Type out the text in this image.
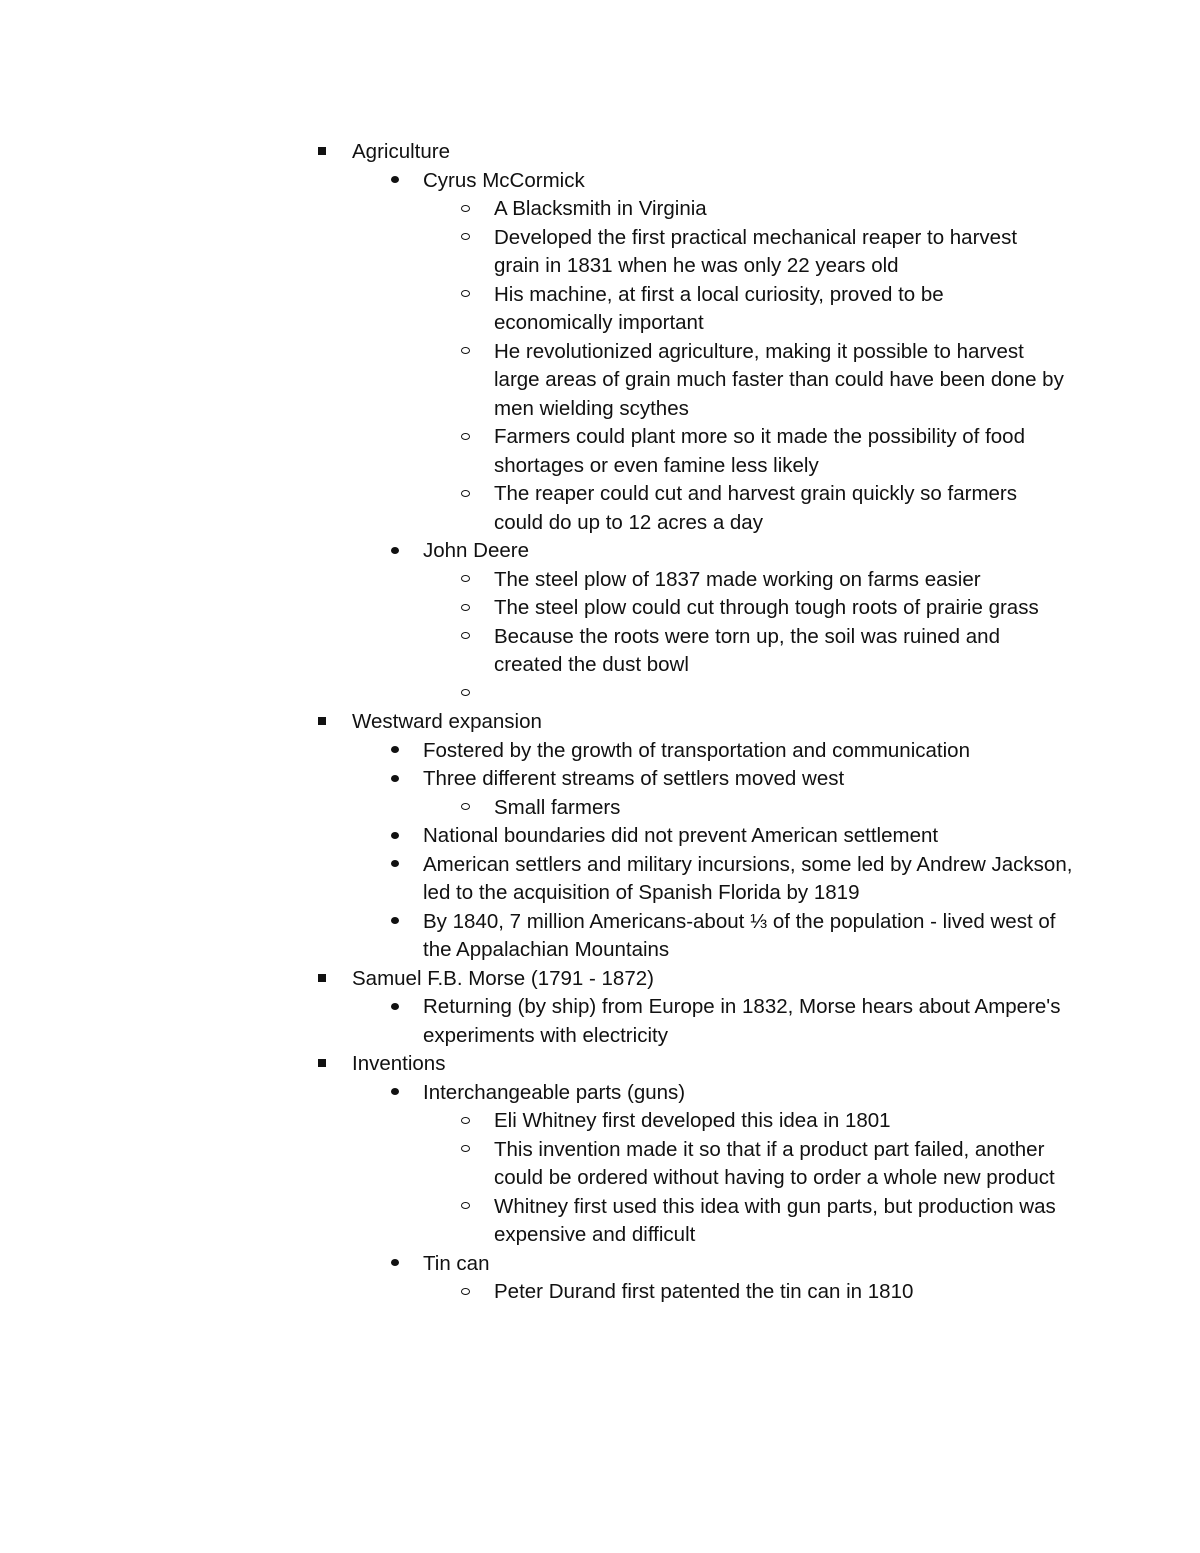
Agriculture
Cyrus McCormick
A Blacksmith in Virginia
Developed the first practical mechanical reaper to harvest grain in 1831 when he was only 22 years old
His machine, at first a local curiosity, proved to be economically important
He revolutionized agriculture, making it possible to harvest large areas of grain much faster than could have been done by men wielding scythes
Farmers could plant more so it made the possibility of food shortages or even famine less likely
The reaper could cut and harvest grain quickly so farmers could do up to 12 acres a day
John Deere
The steel plow of 1837 made working on farms easier
The steel plow could cut through tough roots of prairie grass
Because the roots were torn up, the soil was ruined and created the dust bowl
Westward expansion
Fostered by the growth of transportation and communication
Three different streams of settlers moved west
Small farmers
National boundaries did not prevent American settlement
American settlers and military incursions, some led by Andrew Jackson, led to the acquisition of Spanish Florida by 1819
By 1840, 7 million Americans-about ⅓ of the population - lived west of the Appalachian Mountains
Samuel F.B. Morse (1791 - 1872)
Returning (by ship) from Europe in 1832, Morse hears about Ampere's experiments with electricity
Inventions
Interchangeable parts (guns)
Eli Whitney first developed this idea in 1801
This invention made it so that if a product part failed, another could be ordered without having to order a whole new product
Whitney first used this idea with gun parts, but production was expensive and difficult
Tin can
Peter Durand first patented the tin can in 1810
